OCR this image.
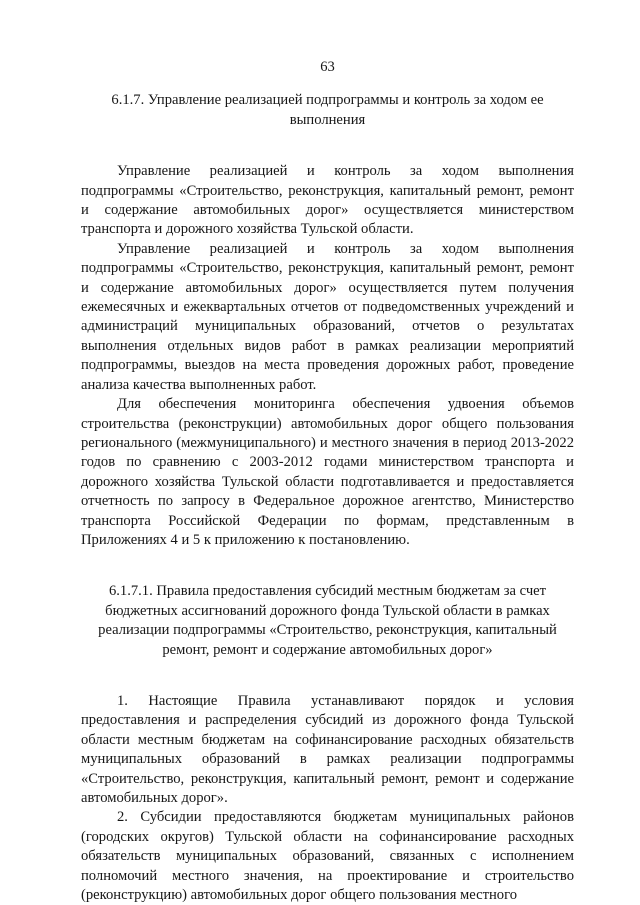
63
6.1.7. Управление реализацией подпрограммы и контроль за ходом ее выполнения

Управление реализацией и контроль за ходом выполнения подпрограммы «Строительство, реконструкция, капитальный ремонт, ремонт и содержание автомобильных дорог» осуществляется министерством транспорта и дорожного хозяйства Тульской области.

Управление реализацией и контроль за ходом выполнения подпрограммы «Строительство, реконструкция, капитальный ремонт, ремонт и содержание автомобильных дорог» осуществляется путем получения ежемесячных и ежеквартальных отчетов от подведомственных учреждений и администраций муниципальных образований, отчетов о результатах выполнения отдельных видов работ в рамках реализации мероприятий подпрограммы, выездов на места проведения дорожных работ, проведение анализа качества выполненных работ.

Для обеспечения мониторинга обеспечения удвоения объемов строительства (реконструкции) автомобильных дорог общего пользования регионального (межмуниципального) и местного значения в период 2013-2022 годов по сравнению с 2003-2012 годами министерством транспорта и дорожного хозяйства Тульской области подготавливается и предоставляется отчетность по запросу в Федеральное дорожное агентство, Министерство транспорта Российской Федерации по формам, представленным в Приложениях 4 и 5 к приложению к постановлению.

6.1.7.1. Правила предоставления субсидий местным бюджетам за счет бюджетных ассигнований дорожного фонда Тульской области в рамках реализации подпрограммы «Строительство, реконструкция, капитальный ремонт, ремонт и содержание автомобильных дорог»

1. Настоящие Правила устанавливают порядок и условия предоставления и распределения субсидий из дорожного фонда Тульской области местным бюджетам на софинансирование расходных обязательств муниципальных образований в рамках реализации подпрограммы «Строительство, реконструкция, капитальный ремонт, ремонт и содержание автомобильных дорог».

2. Субсидии предоставляются бюджетам муниципальных районов (городских округов) Тульской области на софинансирование расходных обязательств муниципальных образований, связанных с исполнением полномочий местного значения, на проектирование и строительство (реконструкцию) автомобильных дорог общего пользования местного
